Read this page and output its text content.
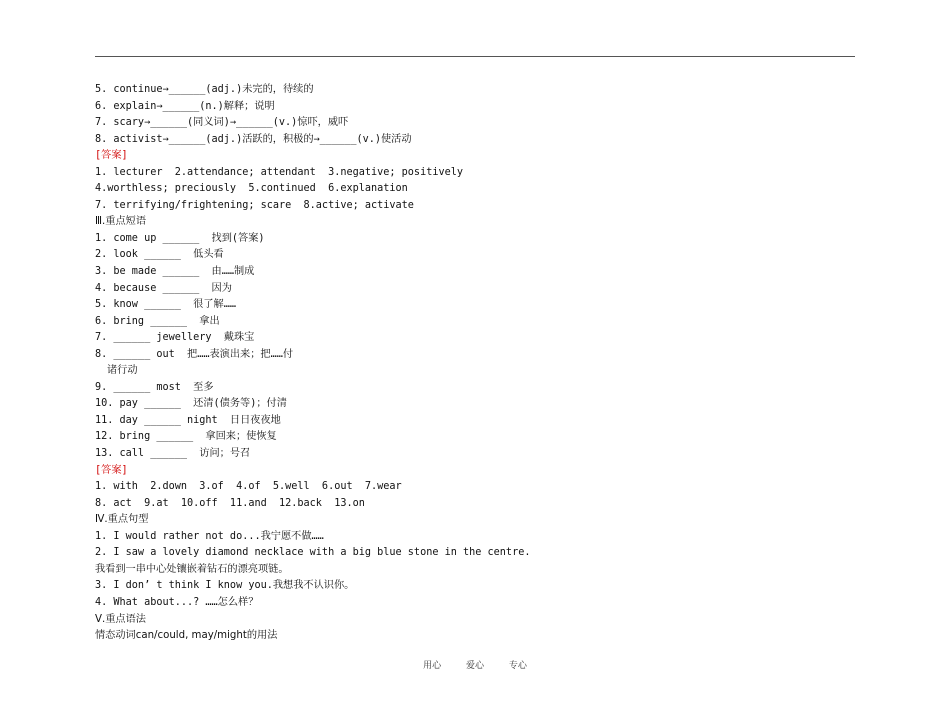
5. continue→______(adj.)未完的，待续的
6. explain→______(n.)解释；说明
7. scary→______(同义词)→______(v.)惊吓，威吓
8. activist→______(adj.)活跃的，积极的→______(v.)使活动
[答案]
1. lecturer  2.attendance; attendant  3.negative; positively
4.worthless; preciously  5.continued  6.explanation
7. terrifying/frightening; scare  8.active; activate
Ⅲ.重点短语
1. come up ______  找到(答案)
2. look ______  低头看
3. be made ______  由……制成
4. because ______  因为
5. know ______  很了解……
6. bring ______  拿出
7. ______ jewellery  戴珠宝
8. ______ out  把……表演出来；把……付
诸行动
9. ______ most  至多
10. pay ______  还清(债务等)；付清
11. day ______ night  日日夜夜地
12. bring ______  拿回来；使恢复
13. call ______  访问；号召
[答案]
1. with  2.down  3.of  4.of  5.well  6.out  7.wear
8. act  9.at  10.off  11.and  12.back  13.on
Ⅳ.重点句型
1. I would rather not do...我宁愿不做……
2. I saw a lovely diamond necklace with a big blue stone in the centre.
我看到一串中心处镶嵌着钻石的漂亮项链。
3. I don’ t think I know you.我想我不认识你。
4. What about...? ……怎么样？
Ⅴ.重点语法
情态动词can/could, may/might的用法
用心 爱心 专心
